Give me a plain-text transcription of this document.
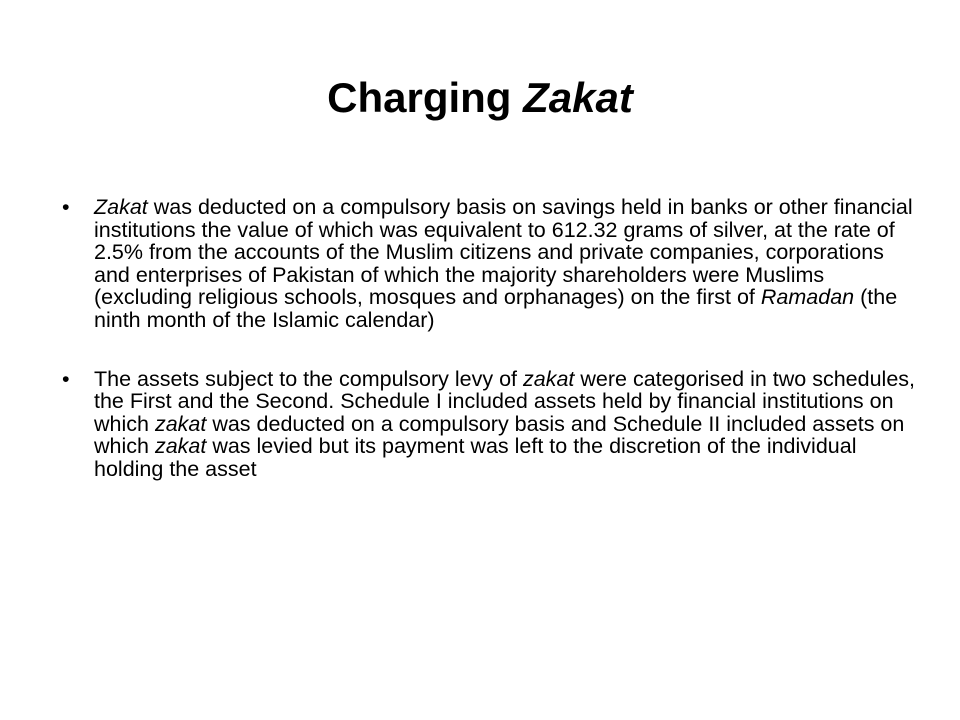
Charging Zakat
• Zakat was deducted on a compulsory basis on savings held in banks or other financial institutions the value of which was equivalent to 612.32 grams of silver, at the rate of 2.5% from the accounts of the Muslim citizens and private companies, corporations and enterprises of Pakistan of which the majority shareholders were Muslims (excluding religious schools, mosques and orphanages) on the first of Ramadan (the ninth month of the Islamic calendar)
• The assets subject to the compulsory levy of zakat were categorised in two schedules, the First and the Second. Schedule I included assets held by financial institutions on which zakat was deducted on a compulsory basis and Schedule II included assets on which zakat was levied but its payment was left to the discretion of the individual holding the asset
